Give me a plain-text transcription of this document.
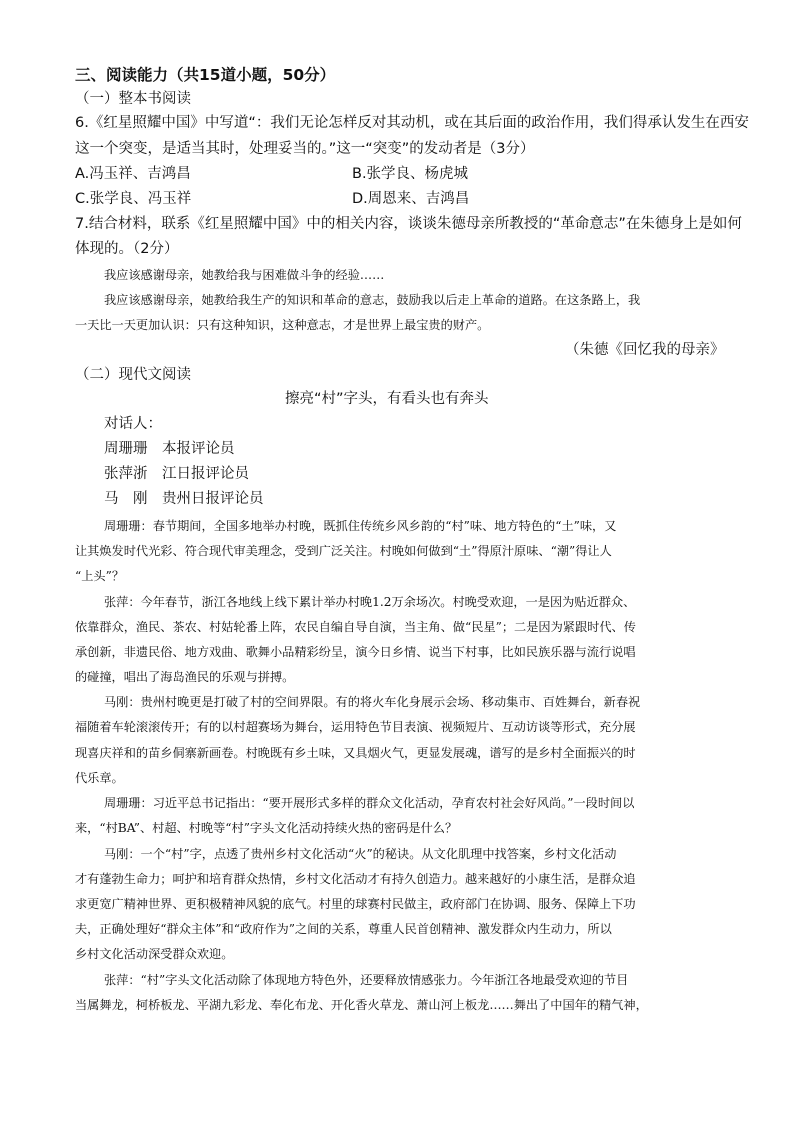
三、阅读能力（共15道小题，50分）
（一）整本书阅读
6.《红星照耀中国》中写道“：我们无论怎样反对其动机，或在其后面的政治作用，我们得承认发生在西安
这一个突变，是适当其时，处理妥当的。”这一“突变”的发动者是（3分）
A.冯玉祥、吉鸿昌	B.张学良、杨虎城
C.张学良、冯玉祥	D.周恩来、吉鸿昌
7.结合材料，联系《红星照耀中国》中的相关内容，谈谈朱德母亲所教授的“革命意志”在朱德身上是如何
体现的。（2分）
我应该感谢母亲，她教给我与困难做斗争的经验……
我应该感谢母亲，她教给我生产的知识和革命的意志，鼓励我以后走上革命的道路。在这条路上，我
一天比一天更加认识：只有这种知识，这种意志，才是世界上最宝贵的财产。
（朱德《回忆我的母亲》
（二）现代文阅读
擦亮“村”字头，有看头也有奔头
对话人：
周珊珊　本报评论员
张萍浙　江日报评论员
马　刚　贵州日报评论员
周珊珊：春节期间，全国多地举办村晚，既抓住传统乡风乡韵的“村”味、地方特色的“土”味，又
让其焕发时代光彩、符合现代审美理念，受到广泛关注。村晚如何做到“土”得原汁原味、“潮”得让人
“上头”？
张萍：今年春节，浙江各地线上线下累计举办村晚1.2万余场次。村晚受欢迎，一是因为贴近群众、
依靠群众，渔民、茶农、村姑轮番上阵，农民自编自导自演，当主角、做“民星”；二是因为紧跟时代、传
承创新，非遗民俗、地方戏曲、歌舞小品精彩纷呈，演今日乡情、说当下村事，比如民族乐器与流行说唱
的碰撞，唱出了海岛渔民的乐观与拼搏。
马刚：贵州村晚更是打破了村的空间界限。有的将火车化身展示会场、移动集市、百姓舞台，新春祝
福随着车轮滚滚传开；有的以村超赛场为舞台，运用特色节目表演、视频短片、互动访谈等形式，充分展
现喜庆祥和的苗乡侗寨新画卷。村晚既有乡土味，又具烟火气，更显发展魂，谱写的是乡村全面振兴的时
代乐章。
周珊珊：习近平总书记指出：“要开展形式多样的群众文化活动，孕育农村社会好风尚。”一段时间以
来，“村BA”、村超、村晚等“村”字头文化活动持续火热的密码是什么？
马刚：一个“村”字，点透了贵州乡村文化活动“火”的秘诀。从文化肌理中找答案，乡村文化活动
才有蓬勃生命力；呵护和培育群众热情，乡村文化活动才有持久创造力。越来越好的小康生活，是群众追
求更宽广精神世界、更积极精神风貌的底气。村里的球赛村民做主，政府部门在协调、服务、保障上下功
夫，正确处理好“群众主体”和“政府作为”之间的关系，尊重人民首创精神、激发群众内生动力，所以
乡村文化活动深受群众欢迎。
张萍：“村”字头文化活动除了体现地方特色外，还要释放情感张力。今年浙江各地最受欢迎的节目
当属舞龙，柯桥板龙、平湖九彩龙、奉化布龙、开化香火草龙、萧山河上板龙……舞出了中国年的精气神，
